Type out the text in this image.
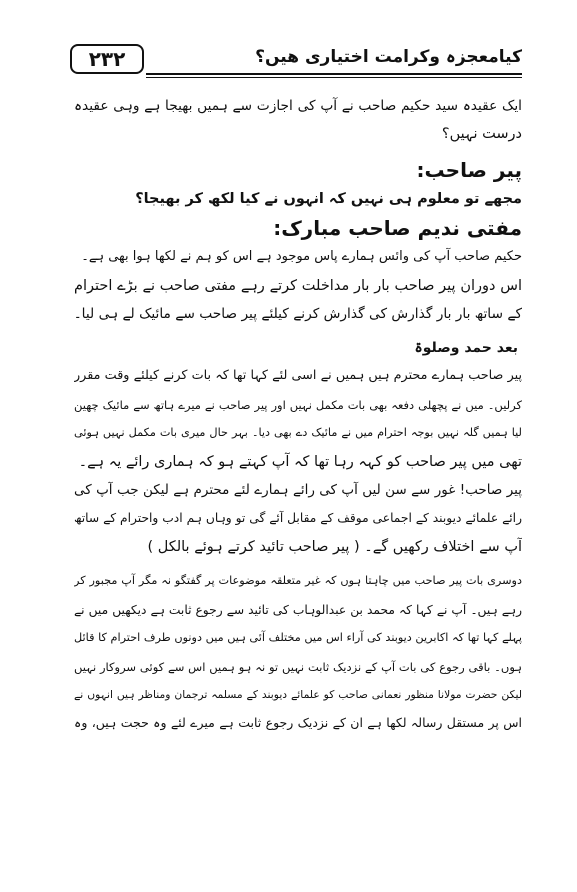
۲۳۲	کیامعجزہ وکرامت اختیاری ھیں؟
ایک عقیدہ سید حکیم صاحب نے آپ کی اجازت سے ہمیں بھیجا ہے وہی عقیدہ
درست نہیں؟
پیر صاحب:
مجھے تو معلوم ہی نہیں کہ انہوں نے کیا لکھ کر بھیجا؟
مفتی ندیم صاحب مبارک:
حکیم صاحب آپ کی وائس ہمارے پاس موجود ہے اس کو ہم نے لکھا ہوا بھی ہے۔
اس دوران پیر صاحب بار بار مداخلت کرتے رہے مفتی صاحب نے بڑے احترام
کے ساتھ بار بار گذارش کی گذارش کرنے کیلئے پیر صاحب سے مائیک لے ہی لیا۔
بعد حمد وصلوۃ
پیر صاحب ہمارے محترم ہیں ہمیں نے اسی لئے کہا تھا کہ بات کرنے کیلئے وقت مقرر
کرلیں۔ میں نے پچھلی دفعہ بھی بات مکمل نہیں اور پیر صاحب نے میرے ہاتھ سے مائیک چھین
لیا ہمیں گلہ نہیں بوجہ احترام میں نے مائیک دے بھی دیا۔ بہر حال میری بات مکمل نہیں ہوئی
تھی میں پیر صاحب کو کہہ رہا تھا کہ آپ کہتے ہو کہ ہماری رائے یہ ہے۔
پیر صاحب! غور سے سن لیں آپ کی رائے ہمارے لئے محترم ہے لیکن جب آپ کی
رائے علمائے دیوبند کے اجماعی موقف کے مقابل آئے گی تو وہاں ہم ادب واحترام کے ساتھ
آپ سے اختلاف رکھیں گے۔ ( پیر صاحب تائید کرتے ہوئے بالکل )
دوسری بات پیر صاحب میں چاہتا ہوں کہ غیر متعلقہ موضوعات پر گفتگو نہ مگر آپ مجبور کر
رہے ہیں۔ آپ نے کہا کہ محمد بن عبدالوہاب کی تائید سے رجوع ثابت ہے دیکھیں میں نے
پہلے کہا تھا کہ اکابرین دیوبند کی آراء اس میں مختلف آئی ہیں میں دونوں طرف احترام کا قائل
ہوں۔ باقی رجوع کی بات آپ کے نزدیک ثابت نہیں تو نہ ہو ہمیں اس سے کوئی سروکار نہیں
لیکن حضرت مولانا منظور نعمانی صاحب کو علمائے دیوبند کے مسلمہ ترجمان ومناظر ہیں انہوں نے
اس پر مستقل رسالہ لکھا ہے ان کے نزدیک رجوع ثابت ہے میرے لئے وہ حجت ہیں، وہ
